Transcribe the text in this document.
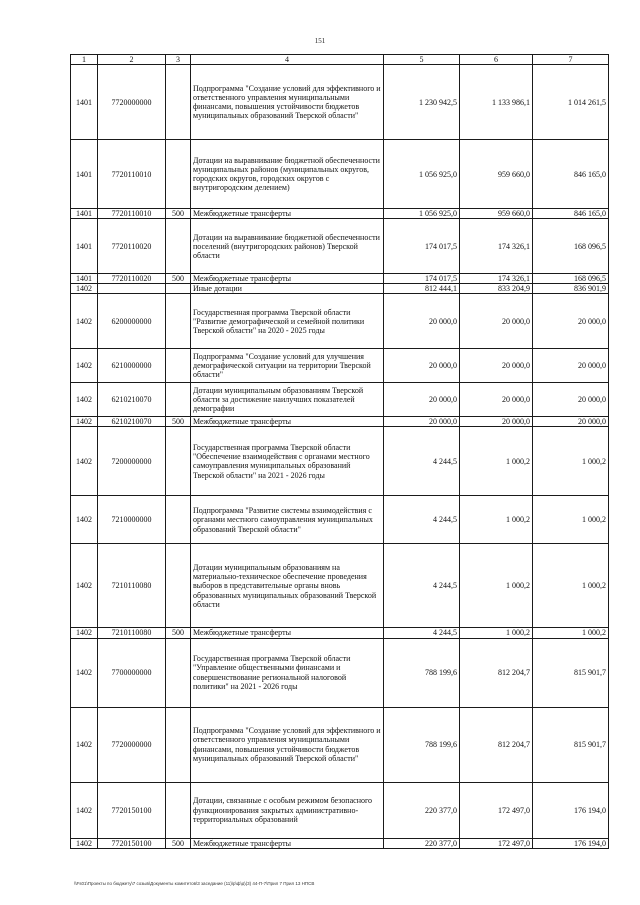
151
1	2	3	4	5	6	7
1401	7720000000		Подпрограмма "Создание условий для эффективного и ответственного управления муниципальными финансами, повышения устойчивости бюджетов муниципальных образований Тверской области"	1 230 942,5	1 133 986,1	1 014 261,5
1401	7720110010		Дотации на выравнивание бюджетной обеспеченности муниципальных районов (муниципальных округов, городских округов, городских округов с внутригородским делением)	1 056 925,0	959 660,0	846 165,0
1401	7720110010	500	Межбюджетные трансферты	1 056 925,0	959 660,0	846 165,0
1401	7720110020		Дотации на выравнивание бюджетной обеспеченности поселений (внутригородских районов) Тверской области	174 017,5	174 326,1	168 096,5
1401	7720110020	500	Межбюджетные трансферты	174 017,5	174 326,1	168 096,5
1402			Иные дотации	812 444,1	833 204,9	836 901,9
1402	6200000000		Государственная программа Тверской области "Развитие демографической и семейной политики Тверской области" на 2020 - 2025 годы	20 000,0	20 000,0	20 000,0
1402	6210000000		Подпрограмма "Создание условий для улучшения демографической ситуации на территории Тверской области"	20 000,0	20 000,0	20 000,0
1402	6210210070		Дотации муниципальным образованиям Тверской области за достижение наилучших показателей демографии	20 000,0	20 000,0	20 000,0
1402	6210210070	500	Межбюджетные трансферты	20 000,0	20 000,0	20 000,0
1402	7200000000		Государственная программа Тверской области "Обеспечение взаимодействия с органами местного самоуправления муниципальных образований Тверской области" на 2021 - 2026 годы	4 244,5	1 000,2	1 000,2
1402	7210000000		Подпрограмма "Развитие системы взаимодействия с органами местного самоуправления муниципальных образований Тверской области"	4 244,5	1 000,2	1 000,2
1402	7210110080		Дотации муниципальным образованиям на материально-техническое обеспечение проведения выборов в представительные органы вновь образованных муниципальных образований Тверской области	4 244,5	1 000,2	1 000,2
1402	7210110080	500	Межбюджетные трансферты	4 244,5	1 000,2	1 000,2
1402	7700000000		Государственная программа Тверской области "Управление общественными финансами и совершенствование региональной налоговой политики" на 2021 - 2026 годы	788 199,6	812 204,7	815 901,7
1402	7720000000		Подпрограмма "Создание условий для эффективного и ответственного управления муниципальными финансами, повышения устойчивости бюджетов муниципальных образований Тверской области"	788 199,6	812 204,7	815 901,7
1402	7720150100		Дотации, связанные с особым режимом безопасного функционирования закрытых административно-территориальных образований	220 377,0	172 497,0	176 194,0
1402	7720150100	500	Межбюджетные трансферты	220 377,0	172 497,0	176 194,0
\\Fs01\Проекты по бюджету\7 созыв\Документы комитетов\3 заседание (11)\p\ф\д\(3) 44-П-7\Прил 7 Прил 13 НПСВ
